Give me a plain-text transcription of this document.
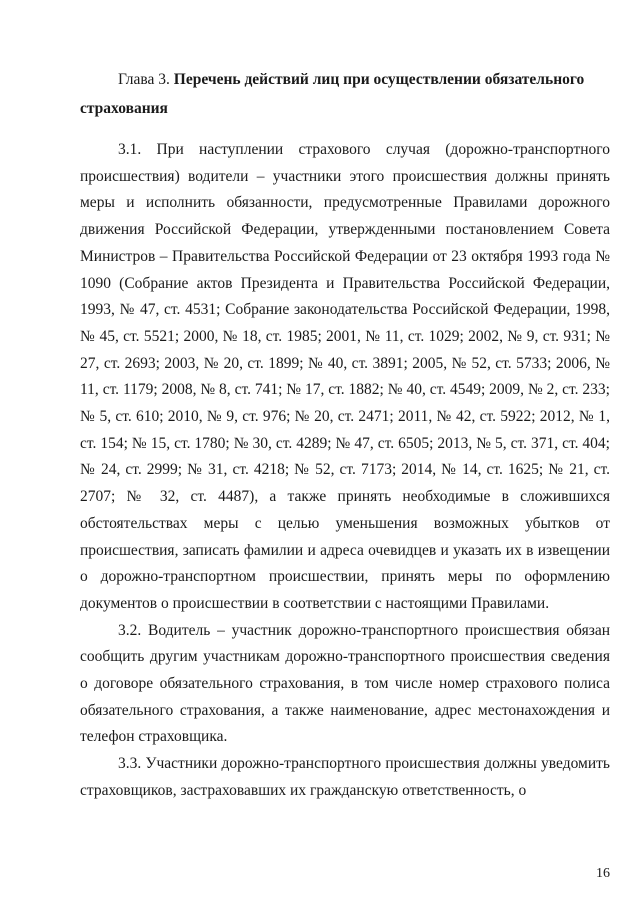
Глава 3. Перечень действий лиц при осуществлении обязательного страхования

3.1. При наступлении страхового случая (дорожно-транспортного происшествия) водители – участники этого происшествия должны принять меры и исполнить обязанности, предусмотренные Правилами дорожного движения Российской Федерации, утвержденными постановлением Совета Министров – Правительства Российской Федерации от 23 октября 1993 года № 1090 (Собрание актов Президента и Правительства Российской Федерации, 1993, № 47, ст. 4531; Собрание законодательства Российской Федерации, 1998, № 45, ст. 5521; 2000, № 18, ст. 1985; 2001, № 11, ст. 1029; 2002, № 9, ст. 931; № 27, ст. 2693; 2003, № 20, ст. 1899; № 40, ст. 3891; 2005, № 52, ст. 5733; 2006, № 11, ст. 1179; 2008, № 8, ст. 741; № 17, ст. 1882; № 40, ст. 4549; 2009, № 2, ст. 233; № 5, ст. 610; 2010, № 9, ст. 976; № 20, ст. 2471; 2011, № 42, ст. 5922; 2012, № 1, ст. 154; № 15, ст. 1780; № 30, ст. 4289; № 47, ст. 6505; 2013, № 5, ст. 371, ст. 404; № 24, ст. 2999; № 31, ст. 4218; № 52, ст. 7173; 2014, № 14, ст. 1625; № 21, ст. 2707; № 32, ст. 4487), а также принять необходимые в сложившихся обстоятельствах меры с целью уменьшения возможных убытков от происшествия, записать фамилии и адреса очевидцев и указать их в извещении о дорожно-транспортном происшествии, принять меры по оформлению документов о происшествии в соответствии с настоящими Правилами.

3.2. Водитель – участник дорожно-транспортного происшествия обязан сообщить другим участникам дорожно-транспортного происшествия сведения о договоре обязательного страхования, в том числе номер страхового полиса обязательного страхования, а также наименование, адрес местонахождения и телефон страховщика.

3.3. Участники дорожно-транспортного происшествия должны уведомить страховщиков, застраховавших их гражданскую ответственность, о

16
